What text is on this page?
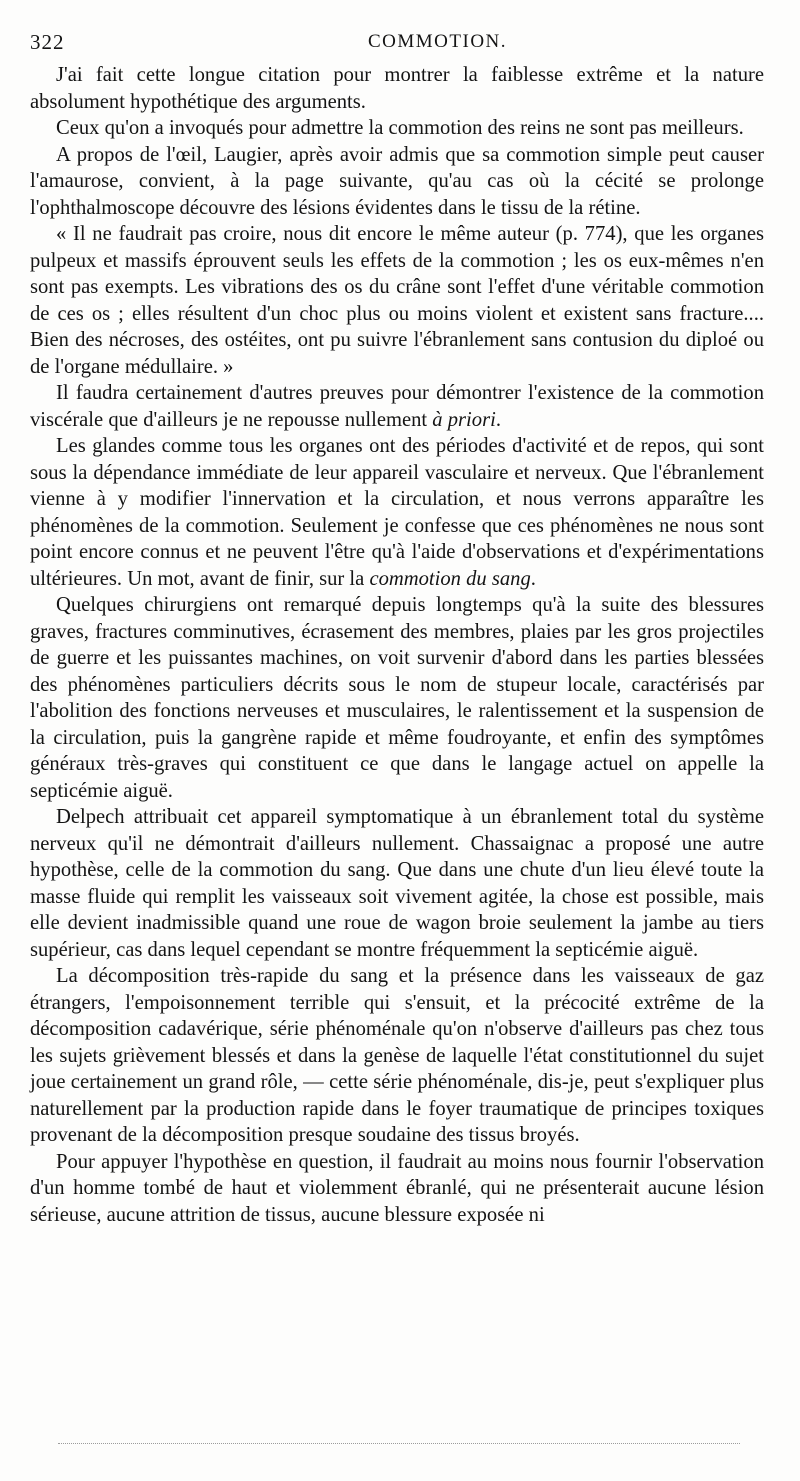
322	COMMOTION.

J'ai fait cette longue citation pour montrer la faiblesse extrême et la nature absolument hypothétique des arguments.

Ceux qu'on a invoqués pour admettre la commotion des reins ne sont pas meilleurs.

A propos de l'œil, Laugier, après avoir admis que sa commotion simple peut causer l'amaurose, convient, à la page suivante, qu'au cas où la cécité se prolonge l'ophthalmoscope découvre des lésions évidentes dans le tissu de la rétine.

« Il ne faudrait pas croire, nous dit encore le même auteur (p. 774), que les organes pulpeux et massifs éprouvent seuls les effets de la commotion ; les os eux-mêmes n'en sont pas exempts. Les vibrations des os du crâne sont l'effet d'une véritable commotion de ces os ; elles résultent d'un choc plus ou moins violent et existent sans fracture.... Bien des nécroses, des ostéites, ont pu suivre l'ébranlement sans contusion du diploé ou de l'organe médullaire. »

Il faudra certainement d'autres preuves pour démontrer l'existence de la commotion viscérale que d'ailleurs je ne repousse nullement à priori.

Les glandes comme tous les organes ont des périodes d'activité et de repos, qui sont sous la dépendance immédiate de leur appareil vasculaire et nerveux. Que l'ébranlement vienne à y modifier l'innervation et la circulation, et nous verrons apparaître les phénomènes de la commotion. Seulement je confesse que ces phénomènes ne nous sont point encore connus et ne peuvent l'être qu'à l'aide d'observations et d'expérimentations ultérieures. Un mot, avant de finir, sur la commotion du sang.

Quelques chirurgiens ont remarqué depuis longtemps qu'à la suite des blessures graves, fractures comminutives, écrasement des membres, plaies par les gros projectiles de guerre et les puissantes machines, on voit survenir d'abord dans les parties blessées des phénomènes particuliers décrits sous le nom de stupeur locale, caractérisés par l'abolition des fonctions nerveuses et musculaires, le ralentissement et la suspension de la circulation, puis la gangrène rapide et même foudroyante, et enfin des symptômes généraux très-graves qui constituent ce que dans le langage actuel on appelle la septicémie aiguë.

Delpech attribuait cet appareil symptomatique à un ébranlement total du système nerveux qu'il ne démontrait d'ailleurs nullement. Chassaignac a proposé une autre hypothèse, celle de la commotion du sang. Que dans une chute d'un lieu élevé toute la masse fluide qui remplit les vaisseaux soit vivement agitée, la chose est possible, mais elle devient inadmissible quand une roue de wagon broie seulement la jambe au tiers supérieur, cas dans lequel cependant se montre fréquemment la septicémie aiguë.

La décomposition très-rapide du sang et la présence dans les vaisseaux de gaz étrangers, l'empoisonnement terrible qui s'ensuit, et la précocité extrême de la décomposition cadavérique, série phénoménale qu'on n'observe d'ailleurs pas chez tous les sujets grièvement blessés et dans la genèse de laquelle l'état constitutionnel du sujet joue certainement un grand rôle, — cette série phénoménale, dis-je, peut s'expliquer plus naturellement par la production rapide dans le foyer traumatique de principes toxiques provenant de la décomposition presque soudaine des tissus broyés.

Pour appuyer l'hypothèse en question, il faudrait au moins nous fournir l'observation d'un homme tombé de haut et violemment ébranlé, qui ne présenterait aucune lésion sérieuse, aucune attrition de tissus, aucune blessure exposée ni
